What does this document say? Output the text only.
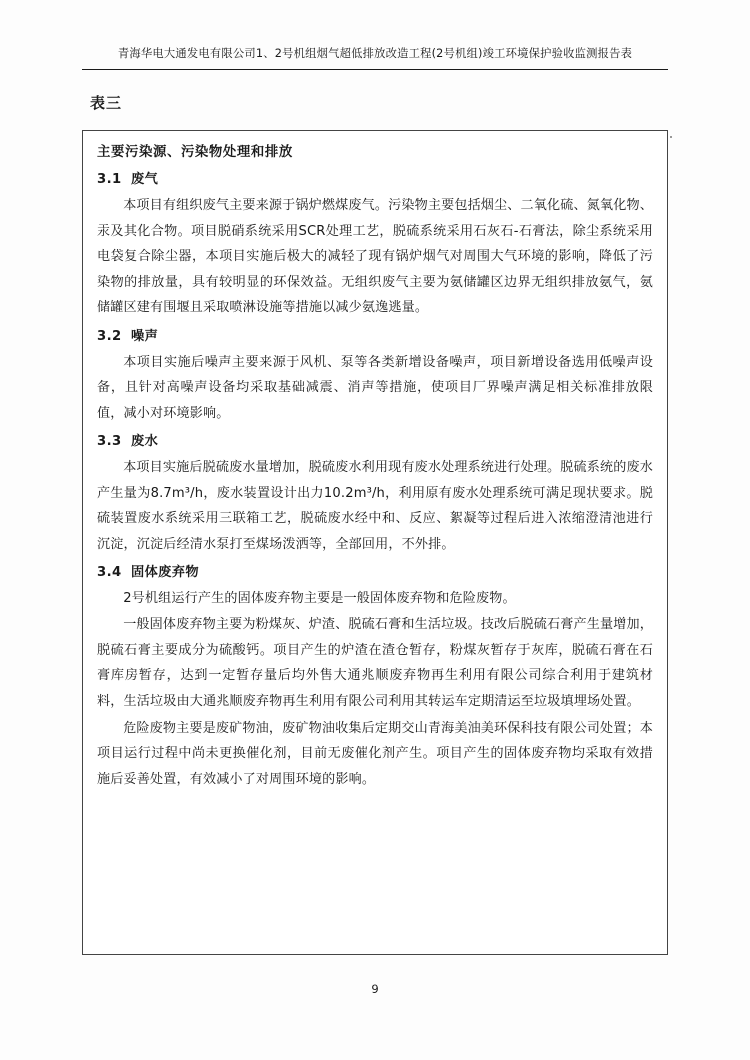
青海华电大通发电有限公司1、2号机组烟气超低排放改造工程(2号机组)竣工环境保护验收监测报告表
表三
主要污染源、污染物处理和排放
3.1 废气

本项目有组织废气主要来源于锅炉燃煤废气。污染物主要包括烟尘、二氧化硫、氮氧化物、汞及其化合物。项目脱硝系统采用SCR处理工艺，脱硫系统采用石灰石-石膏法，除尘系统采用电袋复合除尘器，本项目实施后极大的减轻了现有锅炉烟气对周围大气环境的影响，降低了污染物的排放量，具有较明显的环保效益。无组织废气主要为氨储罐区边界无组织排放氨气，氨储罐区建有围堰且采取喷淋设施等措施以减少氨逸逃量。

3.2 噪声

本项目实施后噪声主要来源于风机、泵等各类新增设备噪声，项目新增设备选用低噪声设备，且针对高噪声设备均采取基础减震、消声等措施，使项目厂界噪声满足相关标准排放限值，减小对环境影响。

3.3 废水

本项目实施后脱硫废水量增加，脱硫废水利用现有废水处理系统进行处理。脱硫系统的废水产生量为8.7m³/h，废水装置设计出力10.2m³/h，利用原有废水处理系统可满足现状要求。脱硫装置废水系统采用三联箱工艺，脱硫废水经中和、反应、絮凝等过程后进入浓缩澄清池进行沉淀，沉淀后经清水泵打至煤场泼洒等，全部回用，不外排。

3.4 固体废弃物

2号机组运行产生的固体废弃物主要是一般固体废弃物和危险废物。

一般固体废弃物主要为粉煤灰、炉渣、脱硫石膏和生活垃圾。技改后脱硫石膏产生量增加，脱硫石膏主要成分为硫酸钙。项目产生的炉渣在渣仓暂存，粉煤灰暂存于灰库，脱硫石膏在石膏库房暂存，达到一定暂存量后均外售大通兆顺废弃物再生利用有限公司综合利用于建筑材料，生活垃圾由大通兆顺废弃物再生利用有限公司利用其转运车定期清运至垃圾填埋场处置。

危险废物主要是废矿物油，废矿物油收集后定期交山青海美油美环保科技有限公司处置；本项目运行过程中尚未更换催化剂，目前无废催化剂产生。项目产生的固体废弃物均采取有效措施后妥善处置，有效减小了对周围环境的影响。

9
